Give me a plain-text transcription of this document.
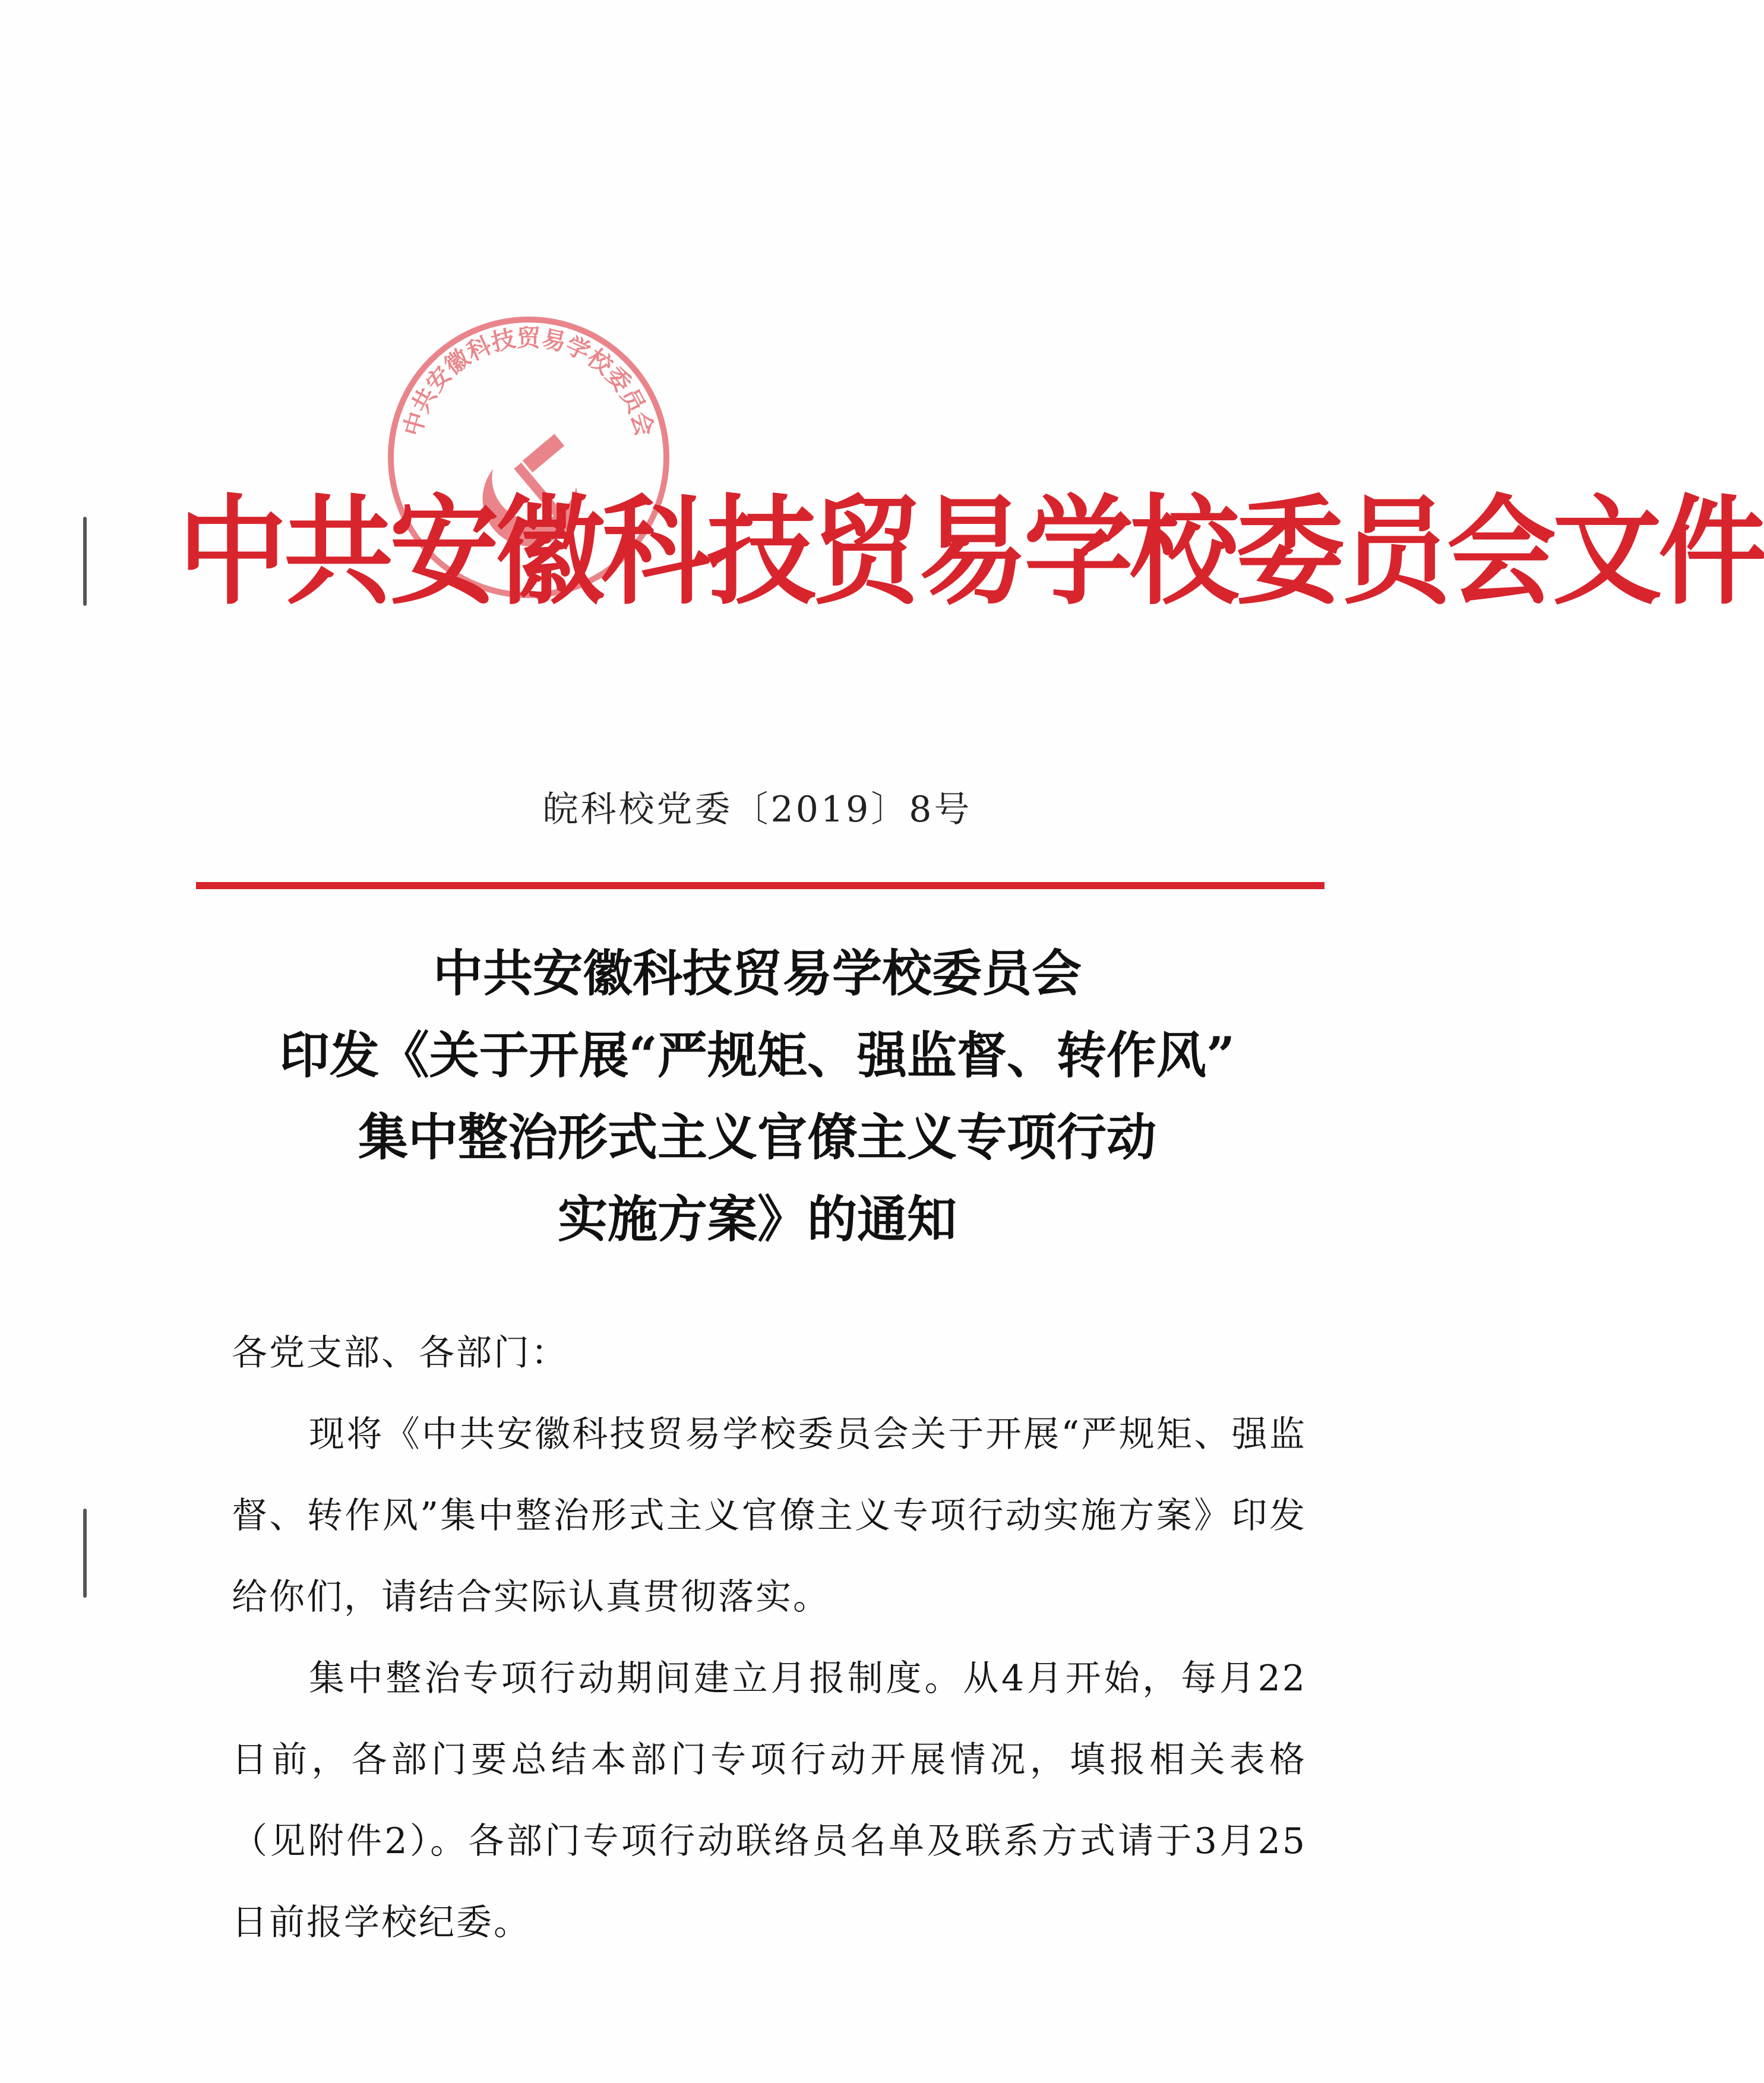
中共安徽科技贸易学校委员会
中共安徽科技贸易学校委员会文件
皖科校党委〔2019〕8号
中共安徽科技贸易学校委员会
印发《关于开展“严规矩、强监督、转作风”
集中整治形式主义官僚主义专项行动
实施方案》的通知
各党支部、各部门：

现将《中共安徽科技贸易学校委员会关于开展“严规矩、强监督、转作风”集中整治形式主义官僚主义专项行动实施方案》印发给你们，请结合实际认真贯彻落实。

集中整治专项行动期间建立月报制度。从4月开始，每月22日前，各部门要总结本部门专项行动开展情况，填报相关表格（见附件2）。各部门专项行动联络员名单及联系方式请于3月25日前报学校纪委。
